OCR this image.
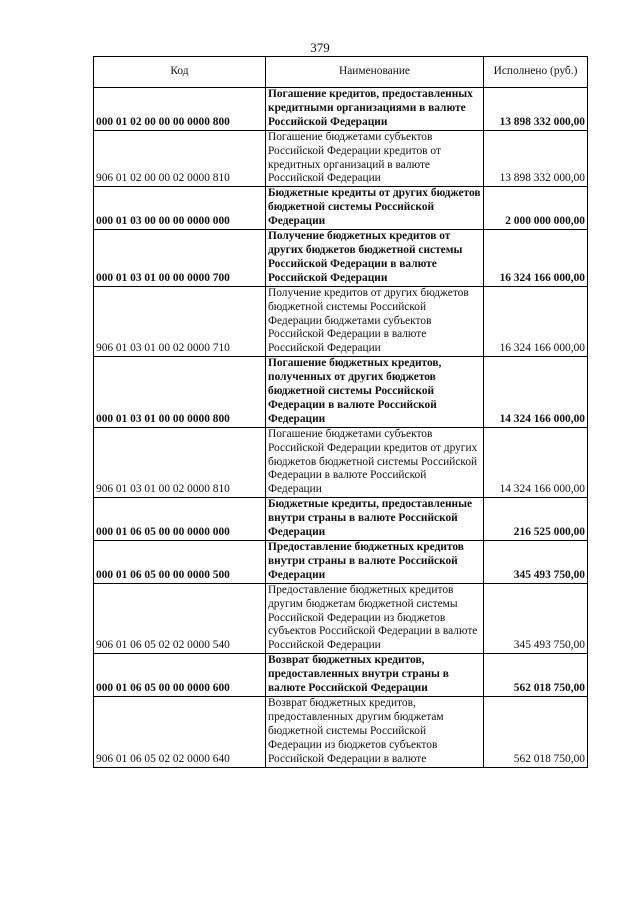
379
Код	Наименование	Исполнено (руб.)
000 01 02 00 00 00 0000 800	Погашение кредитов, предоставленных кредитными организациями в валюте Российской Федерации	13 898 332 000,00
906 01 02 00 00 02 0000 810	Погашение бюджетами субъектов Российской Федерации кредитов от кредитных организаций в валюте Российской Федерации	13 898 332 000,00
000 01 03 00 00 00 0000 000	Бюджетные кредиты от других бюджетов бюджетной системы Российской Федерации	2 000 000 000,00
000 01 03 01 00 00 0000 700	Получение бюджетных кредитов от других бюджетов бюджетной системы Российской Федерации в валюте Российской Федерации	16 324 166 000,00
906 01 03 01 00 02 0000 710	Получение кредитов от других бюджетов бюджетной системы Российской Федерации бюджетами субъектов Российской Федерации в валюте Российской Федерации	16 324 166 000,00
000 01 03 01 00 00 0000 800	Погашение бюджетных кредитов, полученных от других бюджетов бюджетной системы Российской Федерации в валюте Российской Федерации	14 324 166 000,00
906 01 03 01 00 02 0000 810	Погашение бюджетами субъектов Российской Федерации кредитов от других бюджетов бюджетной системы Российской Федерации в валюте Российской Федерации	14 324 166 000,00
000 01 06 05 00 00 0000 000	Бюджетные кредиты, предоставленные внутри страны в валюте Российской Федерации	216 525 000,00
000 01 06 05 00 00 0000 500	Предоставление бюджетных кредитов внутри страны в валюте Российской Федерации	345 493 750,00
906 01 06 05 02 02 0000 540	Предоставление бюджетных кредитов другим бюджетам бюджетной системы Российской Федерации из бюджетов субъектов Российской Федерации в валюте Российской Федерации	345 493 750,00
000 01 06 05 00 00 0000 600	Возврат бюджетных кредитов, предоставленных внутри страны в валюте Российской Федерации	562 018 750,00
906 01 06 05 02 02 0000 640	Возврат бюджетных кредитов, предоставленных другим бюджетам бюджетной системы Российской Федерации из бюджетов субъектов Российской Федерации в валюте	562 018 750,00
